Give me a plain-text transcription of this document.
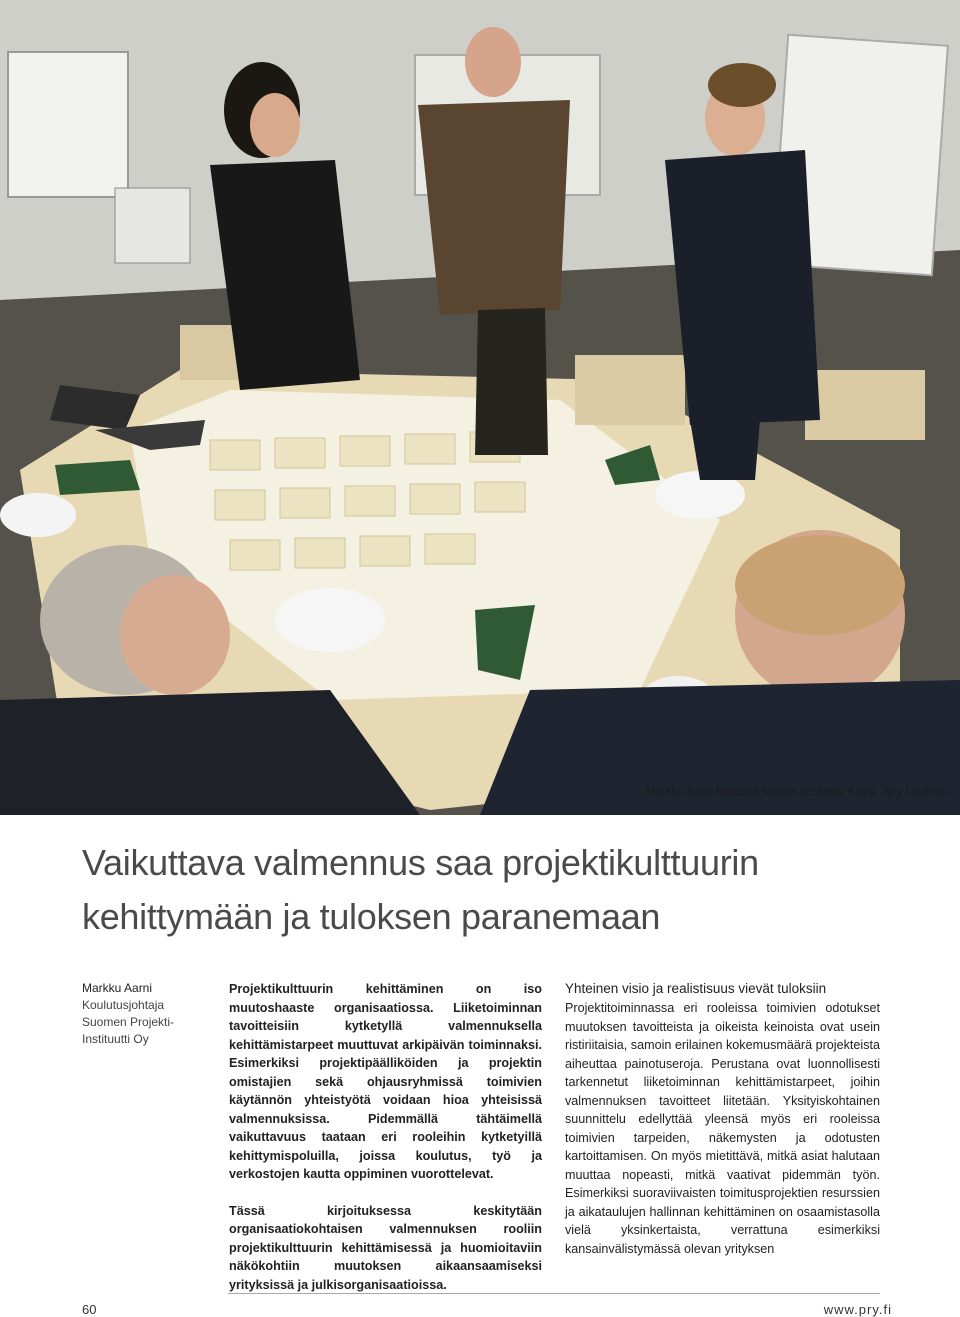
Markku Aarni kuvassa takana keskellä. Kuva: Jyry Louhisto.
Vaikuttava valmennus saa projektikulttuurin
kehittymään ja tuloksen paranemaan
Markku Aarni
Koulutusjohtaja
Suomen Projekti-
Instituutti Oy

Projektikulttuurin kehittäminen on iso muutoshaaste organisaatiossa. Liiketoiminnan tavoitteisiin kytketyllä valmennuksella kehittämistarpeet muuttuvat arkipäivän toiminnaksi. Esimerkiksi projektipäälliköiden ja projektin omistajien sekä ohjausryhmissä toimivien käytännön yhteistyötä voidaan hioa yhteisissä valmennuksissa. Pidemmällä tähtäimellä vaikuttavuus taataan eri rooleihin kytketyillä kehittymispoluilla, joissa koulutus, työ ja verkostojen kautta oppiminen vuorottelevat.

Tässä kirjoituksessa keskitytään organisaatiokohtaisen valmennuksen rooliin projektikulttuurin kehittämisessä ja huomioitaviin näkökohtiin muutoksen aikaansaamiseksi yrityksissä ja julkisorganisaatioissa.

Yhteinen visio ja realistisuus vievät tuloksiin

Projektitoiminnassa eri rooleissa toimivien odotukset muutoksen tavoitteista ja oikeista keinoista ovat usein ristiriitaisia, samoin erilainen kokemusmäärä projekteista aiheuttaa painotuseroja. Perustana ovat luonnollisesti tarkennetut liiketoiminnan kehittämistarpeet, joihin valmennuksen tavoitteet liitetään. Yksityiskohtainen suunnittelu edellyttää yleensä myös eri rooleissa toimivien tarpeiden, näkemysten ja odotusten kartoittamisen. On myös mietittävä, mitkä asiat halutaan muuttaa nopeasti, mitkä vaativat pidemmän työn. Esimerkiksi suoraviivaisten toimitusprojektien resurssien ja aikataulujen hallinnan kehittäminen on osaamistasolla vielä yksinkertaista, verrattuna esimerkiksi kansainvälistymässä olevan yrityksen

60	www.pry.fi
